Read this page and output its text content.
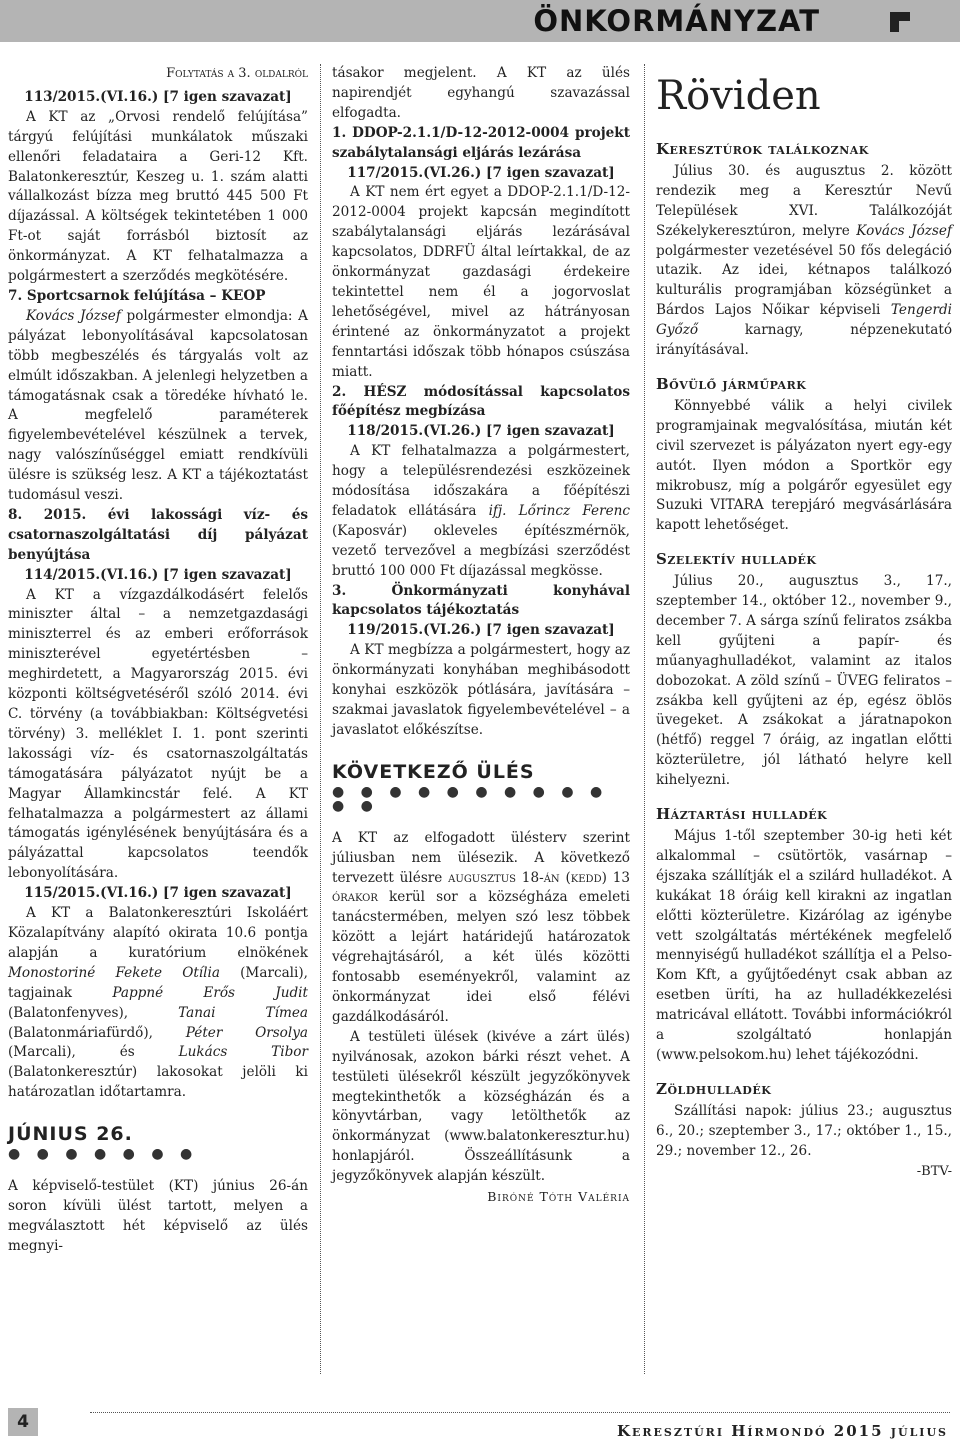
ÖNKORMÁNYZAT

Folytatás a 3. oldalról

113/2015.(VI.16.) [7 igen szavazat]

A KT az „Orvosi rendelő felújítása” tárgyú felújítási munkálatok műszaki ellenőri feladataira a Geri-12 Kft. Balatonkeresztúr, Keszeg u. 1. szám alatti vállalkozást bízza meg bruttó 445 500 Ft díjazással. A költségek tekintetében 1 000 Ft-ot saját forrásból biztosít az önkormányzat. A KT felhatalmazza a polgármestert a szerződés megkötésére.

7. Sportcsarnok felújítása – KEOP

Kovács József polgármester elmondja: A pályázat lebonyolításával kapcsolatosan több megbeszélés és tárgyalás volt az elmúlt időszakban. A jelenlegi helyzetben a támogatásnak csak a töredéke hívható le. A megfelelő paraméterek figyelembevételével készülnek a tervek, nagy valószínűséggel emiatt rendkívüli ülésre is szükség lesz. A KT a tájékoztatást tudomásul veszi.

8. 2015. évi lakossági víz- és csatornaszolgáltatási díj pályázat benyújtása

114/2015.(VI.16.) [7 igen szavazat]

A KT a vízgazdálkodásért felelős miniszter által – a nemzetgazdasági miniszterrel és az emberi erőforrások miniszterével egyetértésben – meghirdetett, a Magyarország 2015. évi központi költségvetéséről szóló 2014. évi C. törvény (a továbbiakban: Költségvetési törvény) 3. melléklet I. 1. pont szerinti lakossági víz- és csatornaszolgáltatás támogatására pályázatot nyújt be a Magyar Államkincstár felé. A KT felhatalmazza a polgármestert az állami támogatás igénylésének benyújtására és a pályázattal kapcsolatos teendők lebonyolítására.

115/2015.(VI.16.) [7 igen szavazat]

A KT a Balatonkeresztúri Iskoláért Közalapítvány alapító okirata 10.6 pontja alapján a kuratórium elnökének Monostoriné Fekete Otília (Marcali), tagjainak Pappné Erős Judit (Balatonfenyves), Tanai Tímea (Balatonmáriafürdő), Péter Orsolya (Marcali), és Lukács Tibor (Balatonkeresztúr) lakosokat jelöli ki határozatlan időtartamra.

JÚNIUS 26.
● ● ● ● ● ● ●

A képviselő-testület (KT) június 26-án soron kívüli ülést tartott, melyen a megválasztott hét képviselő az ülés megnyi-

tásakor megjelent. A KT az ülés napirendjét egyhangú szavazással elfogadta.

1. DDOP-2.1.1/D-12-2012-0004 projekt szabálytalansági eljárás lezárása

117/2015.(VI.26.) [7 igen szavazat]

A KT nem ért egyet a DDOP-2.1.1/D-12-2012-0004 projekt kapcsán megindított szabálytalansági eljárás lezárásával kapcsolatos, DDRFÜ által leírtakkal, de az önkormányzat gazdasági érdekeire tekintettel nem él a jogorvoslat lehetőségével, mivel az hátrányosan érintené az önkormányzatot a projekt fenntartási időszak több hónapos csúszása miatt.

2. HÉSZ módosítással kapcsolatos főépítész megbízása

118/2015.(VI.26.) [7 igen szavazat]

A KT felhatalmazza a polgármestert, hogy a településrendezési eszközeinek módosítása időszakára a főépítészi feladatok ellátására ifj. Lőrincz Ferenc (Kaposvár) okleveles építészmérnök, vezető tervezővel a megbízási szerződést bruttó 100 000 Ft díjazással megkösse.

3. Önkormányzati konyhával kapcsolatos tájékoztatás

119/2015.(VI.26.) [7 igen szavazat]

A KT megbízza a polgármestert, hogy az önkormányzati konyhában meghibásodott konyhai eszközök pótlására, javítására – szakmai javaslatok figyelembevételével – a javaslatot előkészítse.

KÖVETKEZŐ ÜLÉS
● ● ● ● ● ● ● ● ● ● ● ●

A KT az elfogadott ülésterv szerint júliusban nem ülésezik. A következő tervezett ülésre augusztus 18-án (kedd) 13 órakor kerül sor a községháza emeleti tanácstermében, melyen szó lesz többek között a lejárt határidejű határozatok végrehajtásáról, a két ülés közötti fontosabb eseményekről, valamint az önkormányzat idei első félévi gazdálkodásáról.

A testületi ülések (kivéve a zárt ülés) nyilvánosak, azokon bárki részt vehet. A testületi ülésekről készült jegyzőkönyvek megtekinthetők a községházán és a könyvtárban, vagy letölthetők az önkormányzat (www.balatonkeresztur.hu) honlapjáról. Összeállításunk a jegyzőkönyvek alapján készült.

Biróné Tóth Valéria

Röviden
Keresztúrok találkoznak

Július 30. és augusztus 2. között rendezik meg a Keresztúr Nevű Települések XVI. Találkozóját Székelykeresztúron, melyre Kovács József polgármester vezetésével 50 fős delegáció utazik. Az idei, kétnapos találkozó kulturális programjában községünket a Bárdos Lajos Nőikar képviseli Tengerdi Győző karnagy, népzenekutató irányításával.

Bővülő járműpark

Könnyebbé válik a helyi civilek programjainak megvalósítása, miután két civil szervezet is pályázaton nyert egy-egy autót. Ilyen módon a Sportkör egy mikrobusz, míg a polgárőr egyesület egy Suzuki VITARA terepjáró megvásárlására kapott lehetőséget.

Szelektív hulladék

Július 20., augusztus 3., 17., szeptember 14., október 12., november 9., december 7. A sárga színű feliratos zsákba kell gyűjteni a papír- és műanyaghulladékot, valamint az italos dobozokat. A zöld színű – ÜVEG feliratos – zsákba kell gyűjteni az ép, egész öblös üvegeket. A zsákokat a járatnapokon (hétfő) reggel 7 óráig, az ingatlan előtti közterületre, jól látható helyre kell kihelyezni.

Háztartási hulladék

Május 1-től szeptember 30-ig heti két alkalommal – csütörtök, vasárnap – éjszaka szállítják el a szilárd hulladékot. A kukákat 18 óráig kell kirakni az ingatlan előtti közterületre. Kizárólag az igénybe vett szolgáltatás mértékének megfelelő mennyiségű hulladékot szállítja el a Pelso-Kom Kft, a gyűjtőedényt csak abban az esetben üríti, ha az hulladékkezelési matricával ellátott. További információkról a szolgáltató honlapján (www.pelsokom.hu) lehet tájékozódni.

Zöldhulladék

Szállítási napok: július 23.; augusztus 6., 20.; szeptember 3., 17.; október 1., 15., 29.; november 12., 26.

-BTV-

4	Keresztúri Hírmondó 2015 július
